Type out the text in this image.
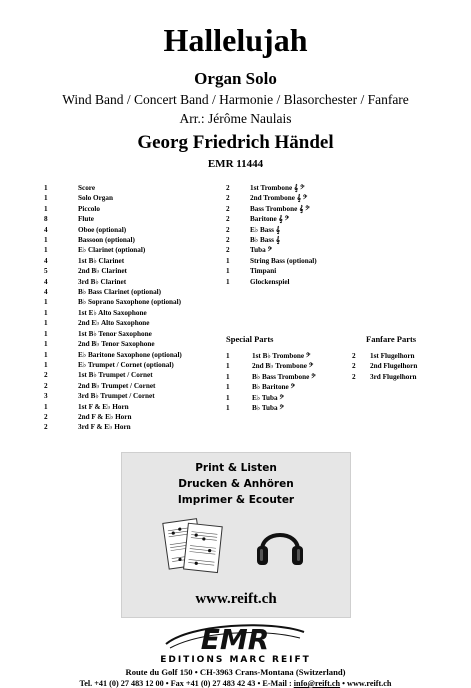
Hallelujah
Organ Solo
Wind Band / Concert Band / Harmonie / Blasorchester / Fanfare
Arr.: Jérôme Naulais
Georg Friedrich Händel
EMR 11444
1	Score
1	Solo Organ
1	Piccolo
8	Flute
4	Oboe (optional)
1	Bassoon (optional)
1	E♭ Clarinet (optional)
4	1st B♭ Clarinet
5	2nd B♭ Clarinet
4	3rd B♭ Clarinet
4	B♭ Bass Clarinet (optional)
1	B♭ Soprano Saxophone (optional)
1	1st E♭ Alto Saxophone
1	2nd E♭ Alto Saxophone
1	1st B♭ Tenor Saxophone
1	2nd B♭ Tenor Saxophone
1	E♭ Baritone Saxophone (optional)
1	E♭ Trumpet / Cornet (optional)
2	1st B♭ Trumpet / Cornet
2	2nd B♭ Trumpet / Cornet
3	3rd B♭ Trumpet / Cornet
1	1st F & E♭ Horn
2	2nd F & E♭ Horn
2	3rd F & E♭ Horn
2	1st Trombone 𝄞 𝄢
2	2nd Trombone 𝄞 𝄢
2	Bass Trombone 𝄞 𝄢
2	Baritone 𝄞 𝄢
2	E♭ Bass 𝄞
2	B♭ Bass 𝄞
2	Tuba 𝄢
1	String Bass (optional)
1	Timpani
1	Glockenspiel
Special Parts
1	1st B♭ Trombone 𝄢
1	2nd B♭ Trombone 𝄢
1	B♭ Bass Trombone 𝄢
1	B♭ Baritone 𝄢
1	E♭ Tuba 𝄢
1	B♭ Tuba 𝄢
Fanfare Parts
2	1st Flugelhorn
2	2nd Flugelhorn
2	3rd Flugelhorn
Print & Listen
Drucken & Anhören
Imprimer & Ecouter
www.reift.ch
EMR
EDITIONS MARC REIFT
Route du Golf 150 • CH-3963 Crans-Montana (Switzerland)
Tel. +41 (0) 27 483 12 00 • Fax +41 (0) 27 483 42 43 • E-Mail : info@reift.ch • www.reift.ch
